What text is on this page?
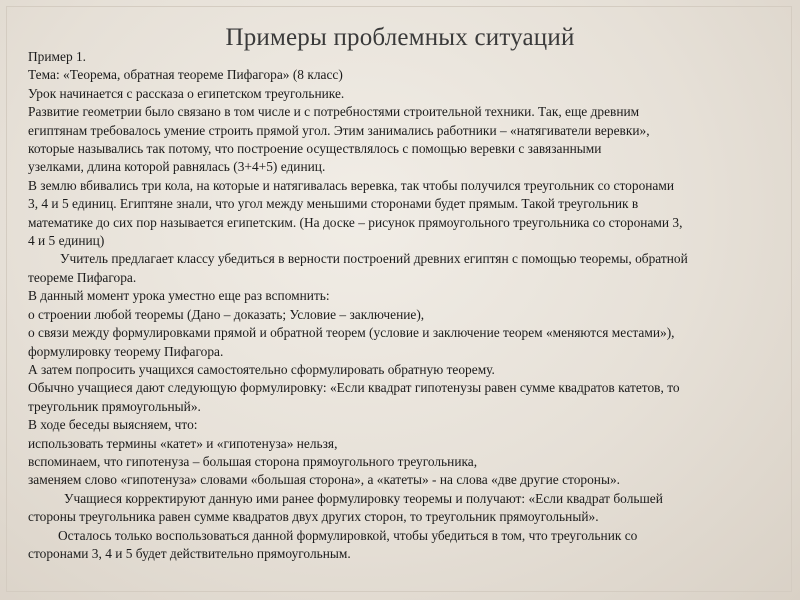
Примеры проблемных ситуаций
Пример 1.
Тема: «Теорема, обратная теореме Пифагора» (8 класс)
Урок начинается с рассказа о египетском треугольнике.
Развитие геометрии было связано в том числе и с потребностями строительной техники. Так, еще древним
египтянам требовалось умение строить прямой угол. Этим занимались работники – «натягиватели веревки»,
которые назывались так потому, что построение осуществлялось с помощью веревки с завязанными
узелками, длина которой равнялась (3+4+5) единиц.
В землю вбивались три кола, на которые и натягивалась веревка, так чтобы получился треугольник со сторонами
3, 4 и 5 единиц. Египтяне знали, что угол между меньшими сторонами будет прямым. Такой треугольник в
математике до сих пор называется египетским. (На доске – рисунок прямоугольного треугольника со сторонами 3,
4 и 5 единиц)
Учитель предлагает классу убедиться в верности построений древних египтян с помощью теоремы, обратной
теореме Пифагора.
В данный момент урока уместно еще раз вспомнить:
о строении любой теоремы (Дано – доказать; Условие – заключение),
о связи между формулировками прямой и обратной теорем (условие и заключение теорем «меняются местами»),
формулировку теорему Пифагора.
А затем попросить учащихся самостоятельно сформулировать обратную теорему.
Обычно учащиеся дают следующую формулировку: «Если квадрат гипотенузы равен сумме квадратов катетов, то
треугольник прямоугольный».
В ходе беседы выясняем, что:
использовать термины «катет» и «гипотенуза» нельзя,
вспоминаем, что гипотенуза – большая сторона прямоугольного треугольника,
заменяем слово «гипотенуза» словами «большая сторона», а «катеты» - на слова «две другие стороны».
Учащиеся корректируют данную ими ранее формулировку теоремы и получают: «Если квадрат большей
стороны треугольника равен сумме квадратов двух других сторон, то треугольник прямоугольный».
Осталось только воспользоваться данной формулировкой, чтобы убедиться в том, что треугольник со
сторонами 3, 4 и 5 будет действительно прямоугольным.
